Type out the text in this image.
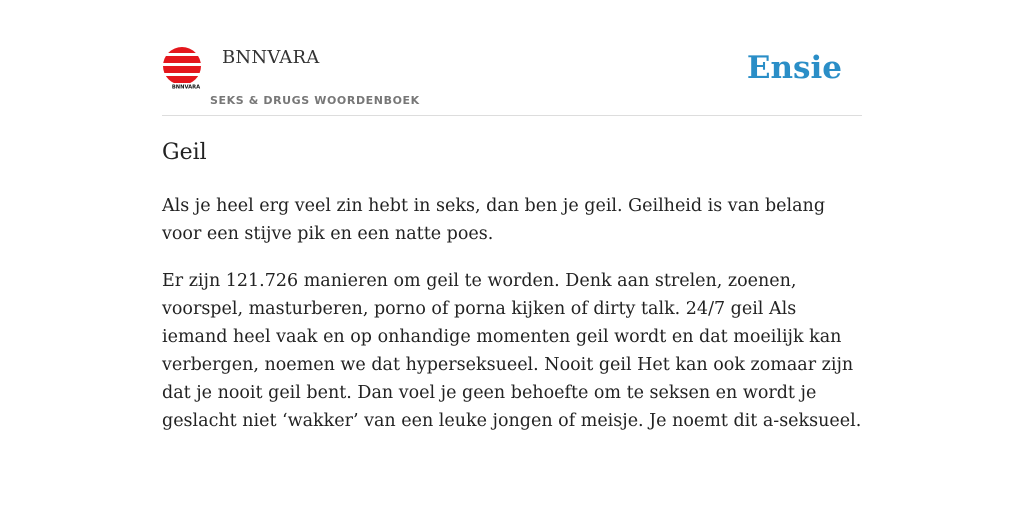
BNNVARA
BNNVARA
SEKS & DRUGS WOORDENBOEK
Ensie
Geil

Als je heel erg veel zin hebt in seks, dan ben je geil. Geilheid is van belang voor een stijve pik en een natte poes.

Er zijn 121.726 manieren om geil te worden. Denk aan strelen, zoenen, voorspel, masturberen, porno of porna kijken of dirty talk. 24/7 geil Als iemand heel vaak en op onhandige momenten geil wordt en dat moeilijk kan verbergen, noemen we dat hyperseksueel. Nooit geil Het kan ook zomaar zijn dat je nooit geil bent. Dan voel je geen behoefte om te seksen en wordt je geslacht niet ‘wakker’ van een leuke jongen of meisje. Je noemt dit a-seksueel.
